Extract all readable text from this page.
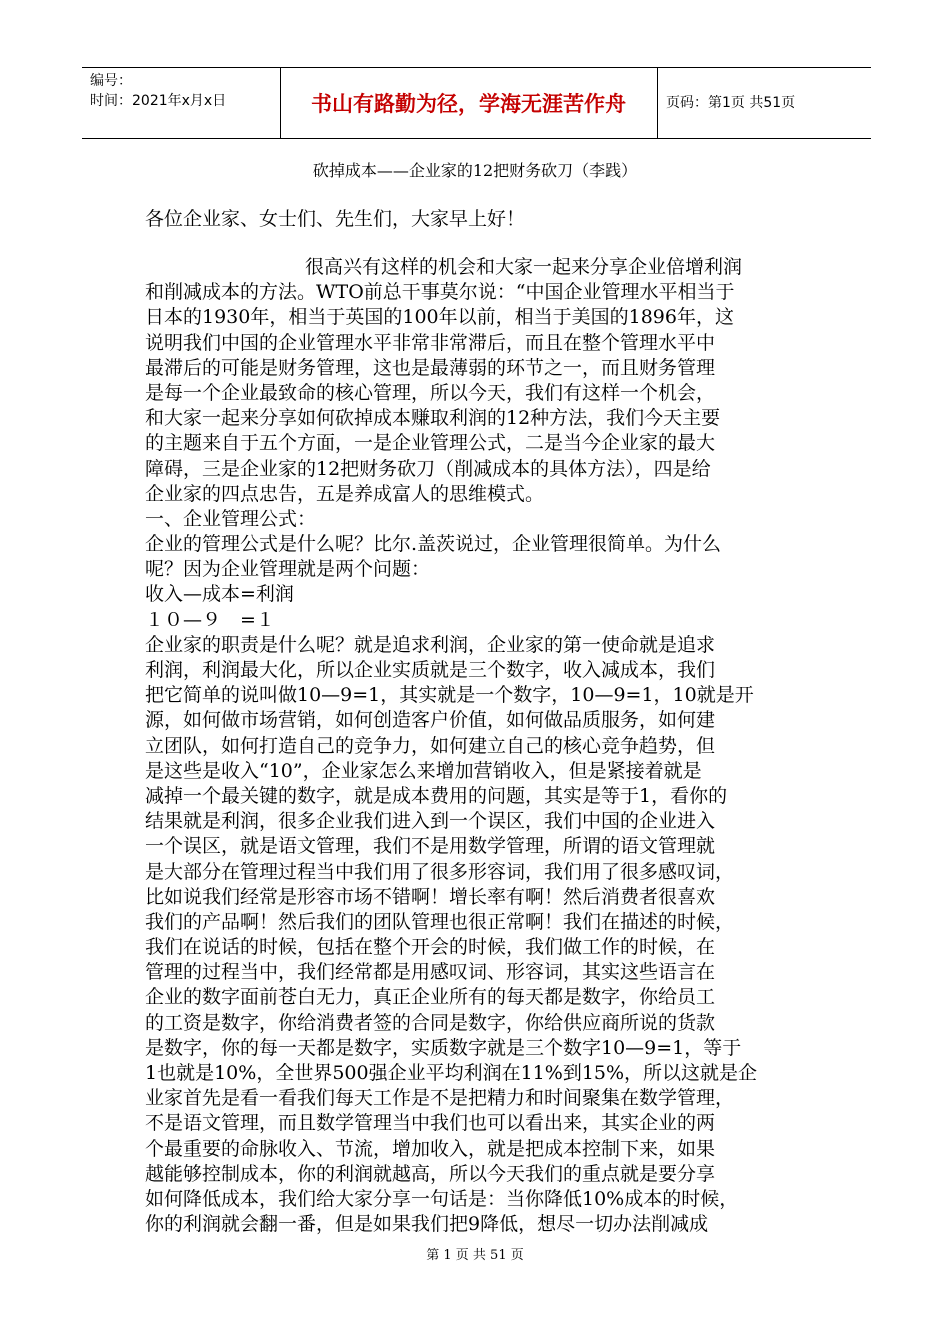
编号：
时间：2021年x月x日	书山有路勤为径，学海无涯苦作舟	页码：第1页 共51页
砍掉成本——企业家的12把财务砍刀（李践）
各位企业家、女士们、先生们，大家早上好！
很高兴有这样的机会和大家一起来分享企业倍增利润
和削减成本的方法。WTO前总干事莫尔说：“中国企业管理水平相当于
日本的1930年，相当于英国的100年以前，相当于美国的1896年，这
说明我们中国的企业管理水平非常非常滞后，而且在整个管理水平中
最滞后的可能是财务管理，这也是最薄弱的环节之一，而且财务管理
是每一个企业最致命的核心管理，所以今天，我们有这样一个机会，
和大家一起来分享如何砍掉成本赚取利润的12种方法，我们今天主要
的主题来自于五个方面，一是企业管理公式，二是当今企业家的最大
障碍，三是企业家的12把财务砍刀（削减成本的具体方法），四是给
企业家的四点忠告，五是养成富人的思维模式。
一、企业管理公式：
企业的管理公式是什么呢？比尔.盖茨说过，企业管理很简单。为什么
呢？因为企业管理就是两个问题：
收入—成本=利润
１０—９　=１
企业家的职责是什么呢？就是追求利润，企业家的第一使命就是追求
利润，利润最大化，所以企业实质就是三个数字，收入减成本，我们
把它简单的说叫做10—9=1，其实就是一个数字，10—9=1，10就是开
源，如何做市场营销，如何创造客户价值，如何做品质服务，如何建
立团队，如何打造自己的竞争力，如何建立自己的核心竞争趋势，但
是这些是收入“10”，企业家怎么来增加营销收入，但是紧接着就是
减掉一个最关键的数字，就是成本费用的问题，其实是等于1，看你的
结果就是利润，很多企业我们进入到一个误区，我们中国的企业进入
一个误区，就是语文管理，我们不是用数学管理，所谓的语文管理就
是大部分在管理过程当中我们用了很多形容词，我们用了很多感叹词，
比如说我们经常是形容市场不错啊！增长率有啊！然后消费者很喜欢
我们的产品啊！然后我们的团队管理也很正常啊！我们在描述的时候，
我们在说话的时候，包括在整个开会的时候，我们做工作的时候，在
管理的过程当中，我们经常都是用感叹词、形容词，其实这些语言在
企业的数字面前苍白无力，真正企业所有的每天都是数字，你给员工
的工资是数字，你给消费者签的合同是数字，你给供应商所说的货款
是数字，你的每一天都是数字，实质数字就是三个数字10—9=1，等于
1也就是10%，全世界500强企业平均利润在11%到15%，所以这就是企
业家首先是看一看我们每天工作是不是把精力和时间聚集在数学管理，
不是语文管理，而且数学管理当中我们也可以看出来，其实企业的两
个最重要的命脉收入、节流，增加收入，就是把成本控制下来，如果
越能够控制成本，你的利润就越高，所以今天我们的重点就是要分享
如何降低成本，我们给大家分享一句话是：当你降低10%成本的时候，
你的利润就会翻一番，但是如果我们把9降低，想尽一切办法削减成
第 1 页 共 51 页
